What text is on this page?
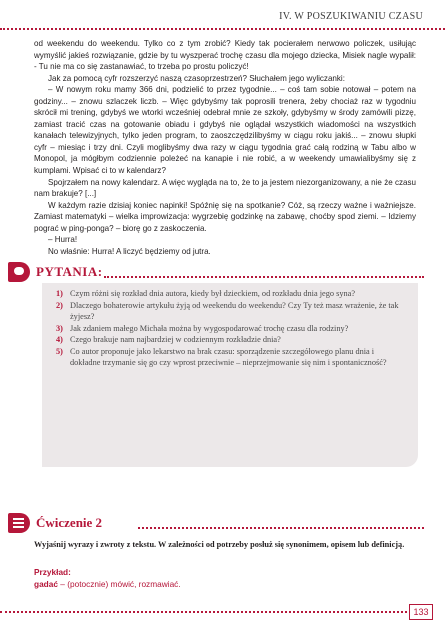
IV. W POSZUKIWANIU CZASU

od weekendu do weekendu. Tylko co z tym zrobić? Kiedy tak pocierałem nerwowo policzek, usiłując wymyślić jakieś rozwiązanie, gdzie by tu wyszperać trochę czasu dla mojego dziecka, Misiek nagle wypalił: - Tu nie ma co się zastanawiać, to trzeba po prostu policzyć!

Jak za pomocą cyfr rozszerzyć naszą czasoprzestrzeń? Słuchałem jego wyliczanki:

– W nowym roku mamy 366 dni, podzielić to przez tygodnie... – coś tam sobie notował – potem na godziny... – znowu szlaczek liczb. – Więc gdybyśmy tak poprosili trenera, żeby chociaż raz w tygodniu skrócił mi trening, gdybyś we wtorki wcześniej odebrał mnie ze szkoły, gdybyśmy w środy zamówili pizzę, zamiast tracić czas na gotowanie obiadu i gdybyś nie oglądał wszystkich wiadomości na wszystkich kanałach telewizyjnych, tylko jeden program, to zaoszczędzilibyśmy w ciągu roku jakiś... – znowu słupki cyfr – miesiąc i trzy dni. Czyli moglibyśmy dwa razy w ciągu tygodnia grać całą rodziną w Tabu albo w Monopol, ja mógłbym codziennie poleżeć na kanapie i nie robić, a w weekendy umawialibyśmy się z kumplami. Wpisać ci to w kalendarz?

Spojrzałem na nowy kalendarz. A więc wygląda na to, że to ja jestem niezorganizowany, a nie że czasu nam brakuje? [...]

W każdym razie dzisiaj koniec napinki! Spóźnię się na spotkanie? Cóż, są rzeczy ważne i ważniejsze. Zamiast matematyki – wielka improwizacja: wygrzebię godzinkę na zabawę, choćby spod ziemi. – Idziemy pograć w ping-ponga? – biorę go z zaskoczenia.

– Hurra!

No właśnie: Hurra! A liczyć będziemy od jutra.

PYTANIA:
1) Czym różni się rozkład dnia autora, kiedy był dzieckiem, od rozkładu dnia jego syna?
2) Dlaczego bohaterowie artykułu żyją od weekendu do weekendu? Czy Ty też masz wrażenie, że tak żyjesz?
3) Jak zdaniem małego Michała można by wygospodarować trochę czasu dla rodziny?
4) Czego brakuje nam najbardziej w codziennym rozkładzie dnia?
5) Co autor proponuje jako lekarstwo na brak czasu: sporządzenie szczegółowego planu dnia i dokładne trzymanie się go czy wprost przeciwnie – nieprzejmowanie się nim i spontaniczność?
Ćwiczenie 2
Wyjaśnij wyrazy i zwroty z tekstu. W zależności od potrzeby posłuż się synonimem, opisem lub definicją.
Przykład:
gadać – (potocznie) mówić, rozmawiać.
133
